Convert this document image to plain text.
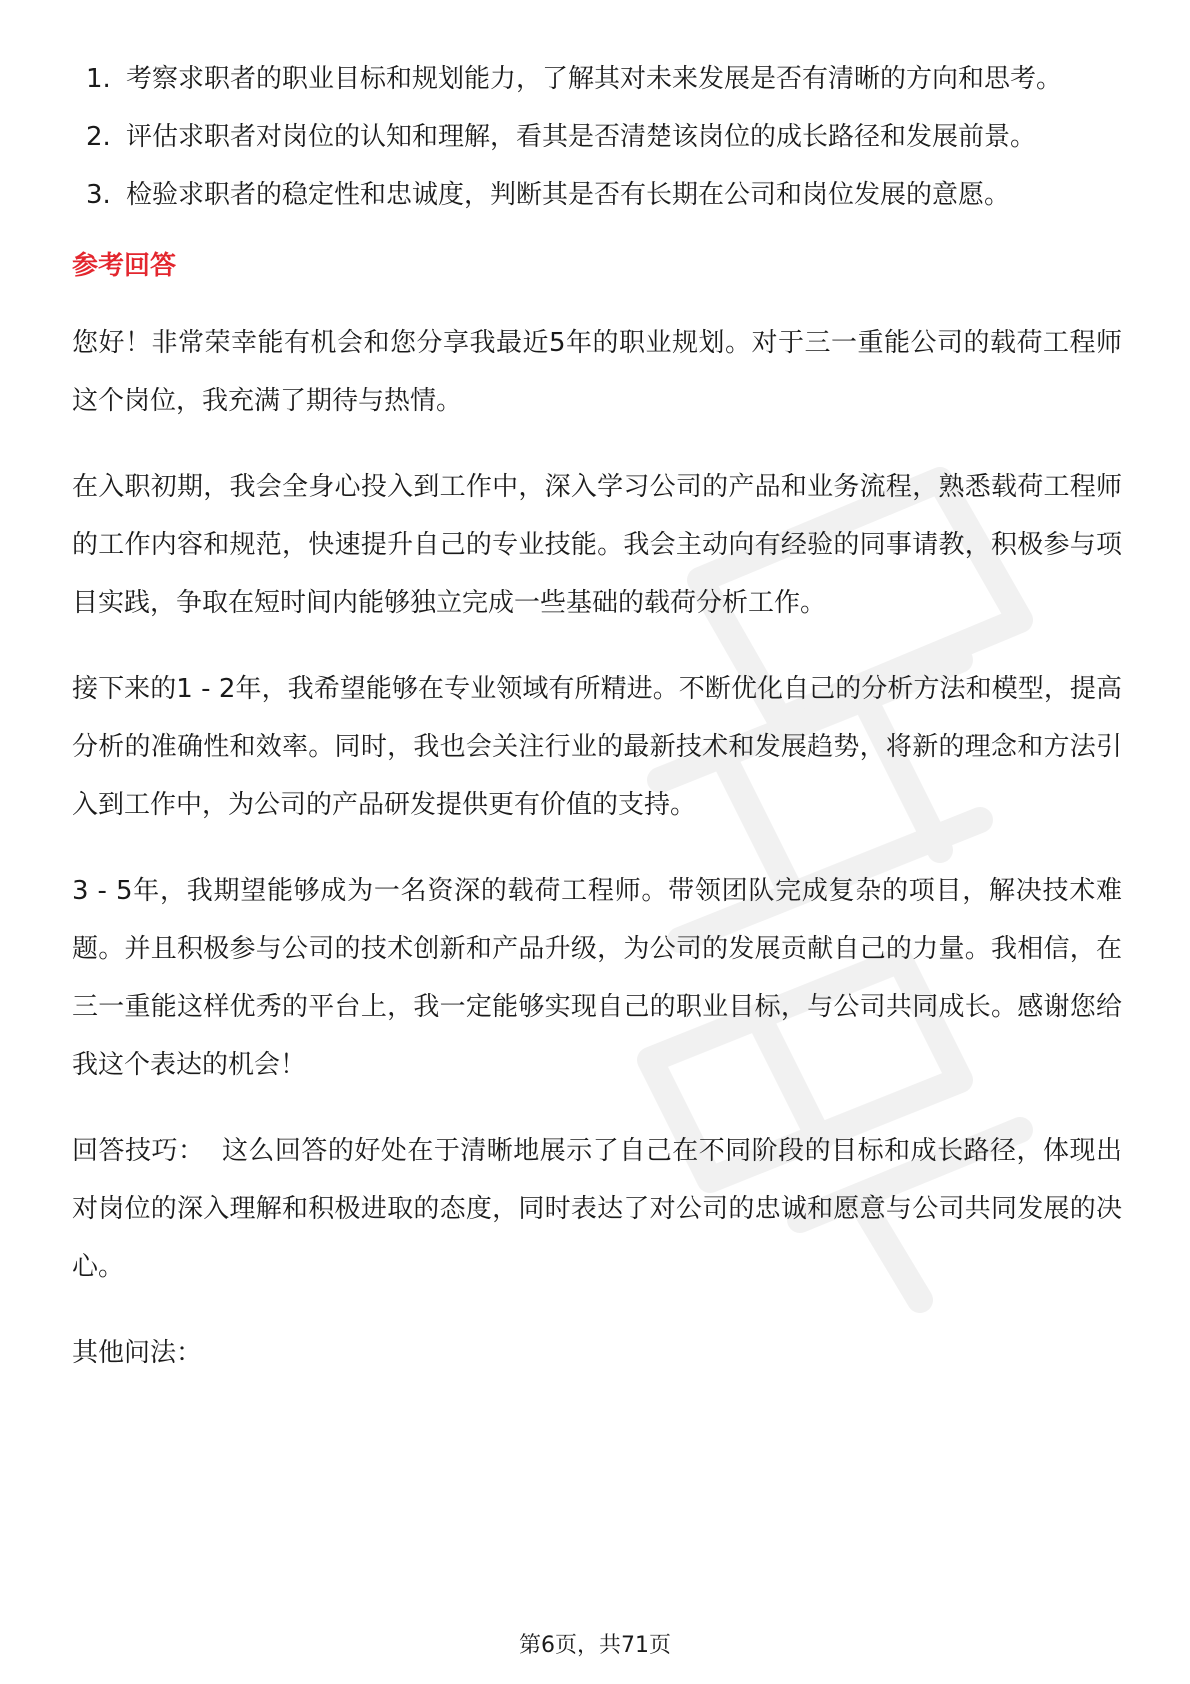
1. 考察求职者的职业目标和规划能力，了解其对未来发展是否有清晰的方向和思考。
2. 评估求职者对岗位的认知和理解，看其是否清楚该岗位的成长路径和发展前景。
3. 检验求职者的稳定性和忠诚度，判断其是否有长期在公司和岗位发展的意愿。
参考回答

您好！非常荣幸能有机会和您分享我最近5年的职业规划。对于三一重能公司的载荷工程师这个岗位，我充满了期待与热情。

在入职初期，我会全身心投入到工作中，深入学习公司的产品和业务流程，熟悉载荷工程师的工作内容和规范，快速提升自己的专业技能。我会主动向有经验的同事请教，积极参与项目实践，争取在短时间内能够独立完成一些基础的载荷分析工作。

接下来的1 - 2年，我希望能够在专业领域有所精进。不断优化自己的分析方法和模型，提高分析的准确性和效率。同时，我也会关注行业的最新技术和发展趋势，将新的理念和方法引入到工作中，为公司的产品研发提供更有价值的支持。

3 - 5年，我期望能够成为一名资深的载荷工程师。带领团队完成复杂的项目，解决技术难题。并且积极参与公司的技术创新和产品升级，为公司的发展贡献自己的力量。我相信，在三一重能这样优秀的平台上，我一定能够实现自己的职业目标，与公司共同成长。感谢您给我这个表达的机会！

回答技巧：  这么回答的好处在于清晰地展示了自己在不同阶段的目标和成长路径，体现出对岗位的深入理解和积极进取的态度，同时表达了对公司的忠诚和愿意与公司共同发展的决心。

其他问法：
第6页，共71页
